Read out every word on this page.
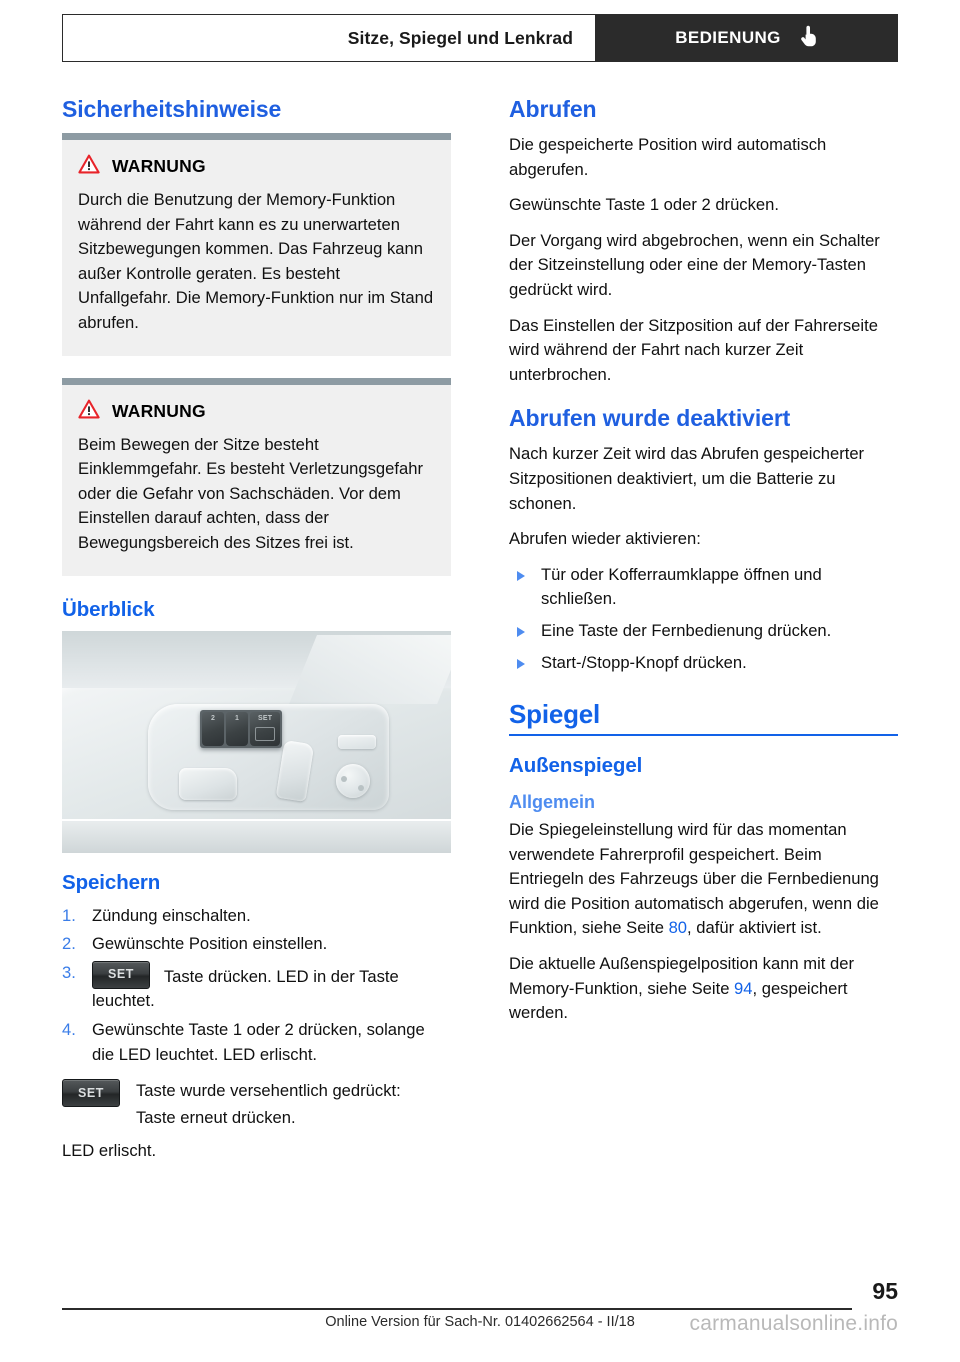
Sitze, Spiegel und Lenkrad	BEDIENUNG
Sicherheitshinweise
WARNUNG

Durch die Benutzung der Memory-Funktion während der Fahrt kann es zu unerwarteten Sitzbewegungen kommen. Das Fahrzeug kann außer Kontrolle geraten. Es besteht Unfallgefahr. Die Memory-Funktion nur im Stand abrufen.

WARNUNG

Beim Bewegen der Sitze besteht Einklemmgefahr. Es besteht Verletzungsgefahr oder die Gefahr von Sachschäden. Vor dem Einstellen darauf achten, dass der Bewegungsbereich des Sitzes frei ist.

Überblick
2	1	SET
Speichern
Zündung einschalten.
Gewünschte Position einstellen.
SET	Taste drücken. LED in der Taste leuchtet.
Gewünschte Taste 1 oder 2 drücken, solange die LED leuchtet. LED erlischt.
SET	Taste wurde versehentlich gedrückt:
Taste erneut drücken.

LED erlischt.

Abrufen

Die gespeicherte Position wird automatisch abgerufen.

Gewünschte Taste 1 oder 2 drücken.

Der Vorgang wird abgebrochen, wenn ein Schalter der Sitzeinstellung oder eine der Memory-Tasten gedrückt wird.

Das Einstellen der Sitzposition auf der Fahrerseite wird während der Fahrt nach kurzer Zeit unterbrochen.

Abrufen wurde deaktiviert

Nach kurzer Zeit wird das Abrufen gespeicherter Sitzpositionen deaktiviert, um die Batterie zu schonen.

Abrufen wieder aktivieren:

Tür oder Kofferraumklappe öffnen und schließen.
Eine Taste der Fernbedienung drücken.
Start-/Stopp-Knopf drücken.
Spiegel
Außenspiegel
Allgemein

Die Spiegeleinstellung wird für das momentan verwendete Fahrerprofil gespeichert. Beim Entriegeln des Fahrzeugs über die Fernbedienung wird die Position automatisch abgerufen, wenn die Funktion, siehe Seite 80, dafür aktiviert ist.

Die aktuelle Außenspiegelposition kann mit der Memory-Funktion, siehe Seite 94, gespeichert werden.

95
Online Version für Sach-Nr. 01402662564 - II/18	carmanualsonline.info
